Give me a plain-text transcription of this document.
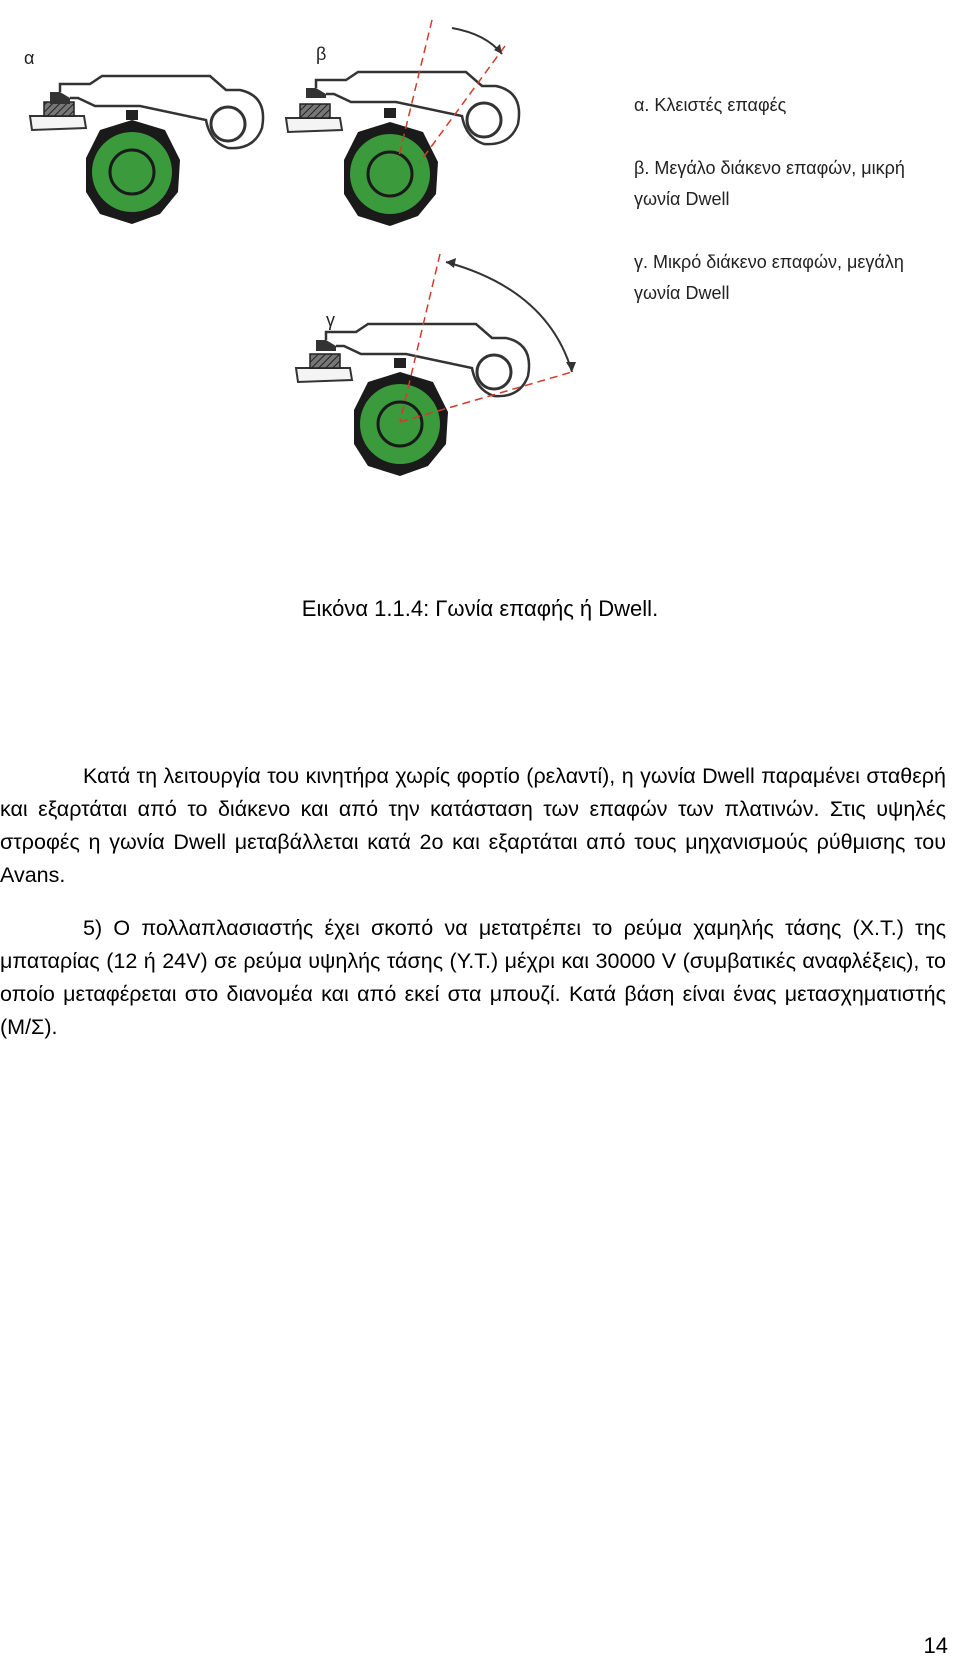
α	β
γ
α. Κλειστές επαφές
β. Μεγάλο διάκενο επαφών, μικρή
γωνία Dwell
γ. Μικρό διάκενο επαφών, μεγάλη
γωνία Dwell
Εικόνα 1.1.4: Γωνία επαφής ή Dwell.

Κατά τη λειτουργία του κινητήρα χωρίς φορτίο (ρελαντί), η γωνία Dwell παραμένει σταθερή και εξαρτάται από το διάκενο και από την κατάσταση των επαφών των πλατινών. Στις υψηλές στροφές η γωνία Dwell μεταβάλλεται κατά 2ο και εξαρτάται από τους μηχανισμούς ρύθμισης του Avans.

5) Ο πολλαπλασιαστής έχει σκοπό να μετατρέπει το ρεύμα χαμηλής τάσης (Χ.Τ.) της μπαταρίας (12 ή 24V) σε ρεύμα υψηλής τάσης (Υ.Τ.) μέχρι και 30000 V (συμβατικές αναφλέξεις), το οποίο μεταφέρεται στο διανομέα και από εκεί στα μπουζί. Κατά βάση είναι ένας μετασχηματιστής (Μ/Σ).

14
